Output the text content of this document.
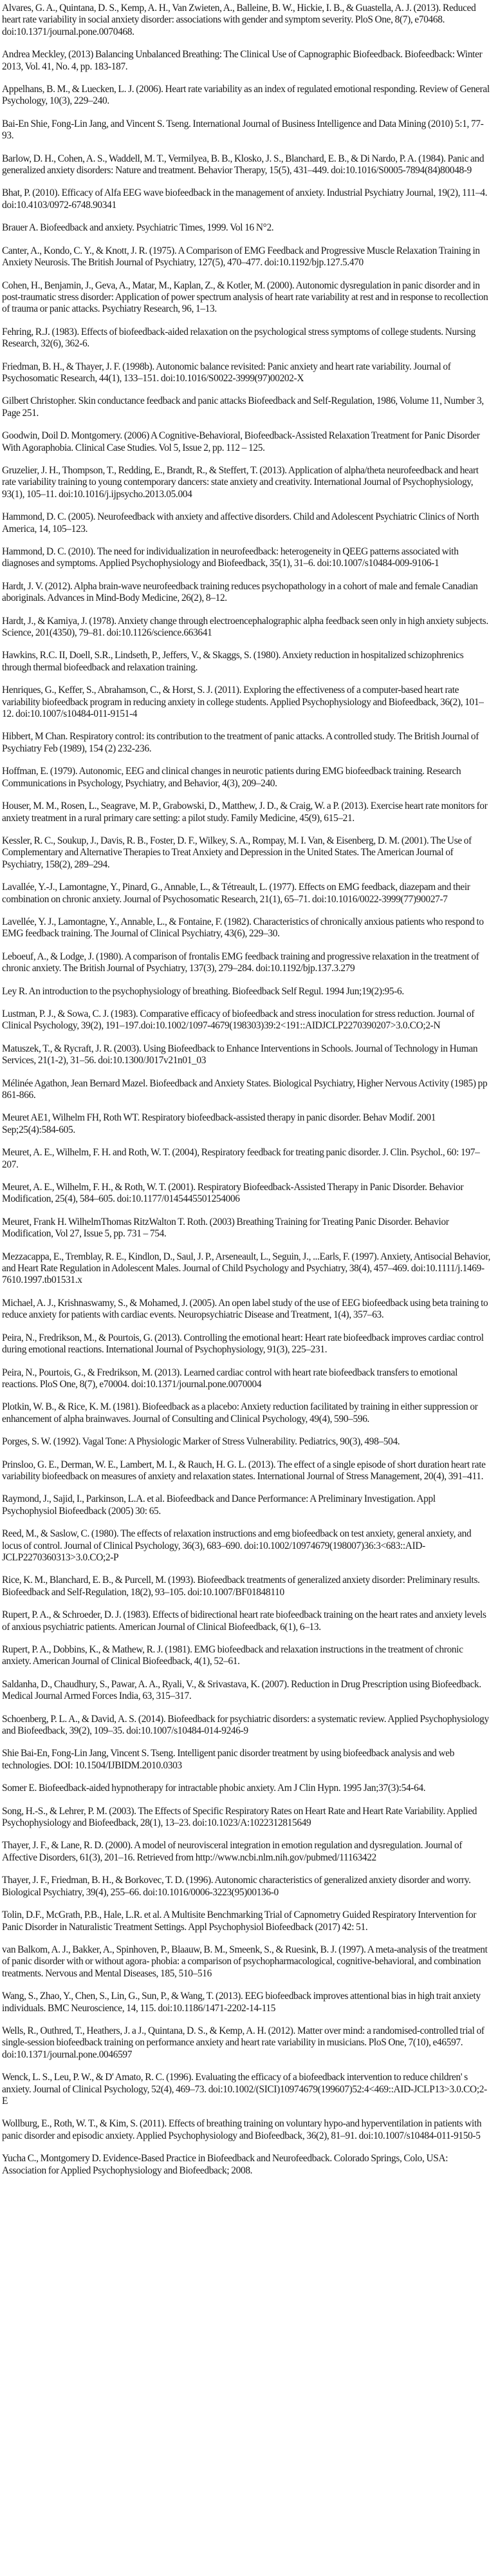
Alvares, G. A., Quintana, D. S., Kemp, A. H., Van Zwieten, A., Balleine, B. W., Hickie, I. B., & Guastella, A. J. (2013). Reduced heart rate variability in social anxiety disorder: associations with gender and symptom severity. PloS One, 8(7), e70468. doi:10.1371/journal.pone.0070468.
Andrea Meckley, (2013) Balancing Unbalanced Breathing: The Clinical Use of Capnographic Biofeedback. Biofeedback: Winter 2013, Vol. 41, No. 4, pp. 183-187.
Appelhans, B. M., & Luecken, L. J. (2006). Heart rate variability as an index of regulated emotional responding. Review of General Psychology, 10(3), 229–240.
Bai-En Shie, Fong-Lin Jang, and Vincent S. Tseng. International Journal of Business Intelligence and Data Mining (2010) 5:1, 77-93.
Barlow, D. H., Cohen, A. S., Waddell, M. T., Vermilyea, B. B., Klosko, J. S., Blanchard, E. B., & Di Nardo, P. A. (1984). Panic and generalized anxiety disorders: Nature and treatment. Behavior Therapy, 15(5), 431–449. doi:10.1016/S0005-7894(84)80048-9
Bhat, P. (2010). Efficacy of Alfa EEG wave biofeedback in the management of anxiety. Industrial Psychiatry Journal, 19(2), 111–4. doi:10.4103/0972-6748.90341
Brauer A. Biofeedback and anxiety. Psychiatric Times, 1999. Vol 16 N°2.
Canter, A., Kondo, C. Y., & Knott, J. R. (1975). A Comparison of EMG Feedback and Progressive Muscle Relaxation Training in Anxiety Neurosis. The British Journal of Psychiatry, 127(5), 470–477. doi:10.1192/bjp.127.5.470
Cohen, H., Benjamin, J., Geva, A., Matar, M., Kaplan, Z., & Kotler, M. (2000). Autonomic dysregulation in panic disorder and in post-traumatic stress disorder: Application of power spectrum analysis of heart rate variability at rest and in response to recollection of trauma or panic attacks. Psychiatry Research, 96, 1–13.
Fehring, R.J. (1983). Effects of biofeedback-aided relaxation on the psychological stress symptoms of college students. Nursing Research, 32(6), 362-6.
Friedman, B. H., & Thayer, J. F. (1998b). Autonomic balance revisited: Panic anxiety and heart rate variability. Journal of Psychosomatic Research, 44(1), 133–151. doi:10.1016/S0022-3999(97)00202-X
Gilbert Christopher. Skin conductance feedback and panic attacks Biofeedback and Self-Regulation, 1986, Volume 11, Number 3, Page 251.
Goodwin, Doil D. Montgomery. (2006) A Cognitive-Behavioral, Biofeedback-Assisted Relaxation Treatment for Panic Disorder With Agoraphobia. Clinical Case Studies. Vol 5, Issue 2, pp. 112 – 125.
Gruzelier, J. H., Thompson, T., Redding, E., Brandt, R., & Steffert, T. (2013). Application of alpha/theta neurofeedback and heart rate variability training to young contemporary dancers: state anxiety and creativity. International Journal of Psychophysiology, 93(1), 105–11. doi:10.1016/j.ijpsycho.2013.05.004
Hammond, D. C. (2005). Neurofeedback with anxiety and affective disorders. Child and Adolescent Psychiatric Clinics of North America, 14, 105–123.
Hammond, D. C. (2010). The need for individualization in neurofeedback: heterogeneity in QEEG patterns associated with diagnoses and symptoms. Applied Psychophysiology and Biofeedback, 35(1), 31–6. doi:10.1007/s10484-009-9106-1
Hardt, J. V. (2012). Alpha brain-wave neurofeedback training reduces psychopathology in a cohort of male and female Canadian aboriginals. Advances in Mind-Body Medicine, 26(2), 8–12.
Hardt, J., & Kamiya, J. (1978). Anxiety change through electroencephalographic alpha feedback seen only in high anxiety subjects. Science, 201(4350), 79–81. doi:10.1126/science.663641
Hawkins, R.C. II, Doell, S.R., Lindseth, P., Jeffers, V., & Skaggs, S. (1980). Anxiety reduction in hospitalized schizophrenics through thermal biofeedback and relaxation training.
Henriques, G., Keffer, S., Abrahamson, C., & Horst, S. J. (2011). Exploring the effectiveness of a computer-based heart rate variability biofeedback program in reducing anxiety in college students. Applied Psychophysiology and Biofeedback, 36(2), 101–12. doi:10.1007/s10484-011-9151-4
Hibbert, M Chan. Respiratory control: its contribution to the treatment of panic attacks. A controlled study. The British Journal of Psychiatry Feb (1989), 154 (2) 232-236.
Hoffman, E. (1979). Autonomic, EEG and clinical changes in neurotic patients during EMG biofeedback training. Research Communications in Psychology, Psychiatry, and Behavior, 4(3), 209–240.
Houser, M. M., Rosen, L., Seagrave, M. P., Grabowski, D., Matthew, J. D., & Craig, W. a P. (2013). Exercise heart rate monitors for anxiety treatment in a rural primary care setting: a pilot study. Family Medicine, 45(9), 615–21.
Kessler, R. C., Soukup, J., Davis, R. B., Foster, D. F., Wilkey, S. A., Rompay, M. I. Van, & Eisenberg, D. M. (2001). The Use of Complementary and Alternative Therapies to Treat Anxiety and Depression in the United States. The American Journal of Psychiatry, 158(2), 289–294.
Lavallée, Y.-J., Lamontagne, Y., Pinard, G., Annable, L., & Tétreault, L. (1977). Effects on EMG feedback, diazepam and their combination on chronic anxiety. Journal of Psychosomatic Research, 21(1), 65–71. doi:10.1016/0022-3999(77)90027-7
Lavellée, Y. J., Lamontagne, Y., Annable, L., & Fontaine, F. (1982). Characteristics of chronically anxious patients who respond to EMG feedback training. The Journal of Clinical Psychiatry, 43(6), 229–30.
Leboeuf, A., & Lodge, J. (1980). A comparison of frontalis EMG feedback training and progressive relaxation in the treatment of chronic anxiety. The British Journal of Psychiatry, 137(3), 279–284. doi:10.1192/bjp.137.3.279
Ley R. An introduction to the psychophysiology of breathing. Biofeedback Self Regul. 1994 Jun;19(2):95-6.
Lustman, P. J., & Sowa, C. J. (1983). Comparative efficacy of biofeedback and stress inoculation for stress reduction. Journal of Clinical Psychology, 39(2), 191–197.doi:10.1002/1097-4679(198303)39:2<191::AIDJCLP2270390207>3.0.CO;2-N
Matuszek, T., & Rycraft, J. R. (2003). Using Biofeedback to Enhance Interventions in Schools. Journal of Technology in Human Services, 21(1-2), 31–56. doi:10.1300/J017v21n01_03
Mélinée Agathon, Jean Bernard Mazel. Biofeedback and Anxiety States. Biological Psychiatry, Higher Nervous Activity (1985) pp 861-866.
Meuret AE1, Wilhelm FH, Roth WT. Respiratory biofeedback-assisted therapy in panic disorder. Behav Modif. 2001 Sep;25(4):584-605.
Meuret, A. E., Wilhelm, F. H. and Roth, W. T. (2004), Respiratory feedback for treating panic disorder. J. Clin. Psychol., 60: 197–207.
Meuret, A. E., Wilhelm, F. H., & Roth, W. T. (2001). Respiratory Biofeedback-Assisted Therapy in Panic Disorder. Behavior Modification, 25(4), 584–605. doi:10.1177/0145445501254006
Meuret, Frank H. WilhelmThomas RitzWalton T. Roth. (2003) Breathing Training for Treating Panic Disorder. Behavior Modification, Vol 27, Issue 5, pp. 731 – 754.
Mezzacappa, E., Tremblay, R. E., Kindlon, D., Saul, J. P., Arseneault, L., Seguin, J., ...Earls, F. (1997). Anxiety, Antisocial Behavior, and Heart Rate Regulation in Adolescent Males. Journal of Child Psychology and Psychiatry, 38(4), 457–469. doi:10.1111/j.1469-7610.1997.tb01531.x
Michael, A. J., Krishnaswamy, S., & Mohamed, J. (2005). An open label study of the use of EEG biofeedback using beta training to reduce anxiety for patients with cardiac events. Neuropsychiatric Disease and Treatment, 1(4), 357–63.
Peira, N., Fredrikson, M., & Pourtois, G. (2013). Controlling the emotional heart: Heart rate biofeedback improves cardiac control during emotional reactions. International Journal of Psychophysiology, 91(3), 225–231.
Peira, N., Pourtois, G., & Fredrikson, M. (2013). Learned cardiac control with heart rate biofeedback transfers to emotional reactions. PloS One, 8(7), e70004. doi:10.1371/journal.pone.0070004
Plotkin, W. B., & Rice, K. M. (1981). Biofeedback as a placebo: Anxiety reduction facilitated by training in either suppression or enhancement of alpha brainwaves. Journal of Consulting and Clinical Psychology, 49(4), 590–596.
Porges, S. W. (1992). Vagal Tone: A Physiologic Marker of Stress Vulnerability. Pediatrics, 90(3), 498–504.
Prinsloo, G. E., Derman, W. E., Lambert, M. I., & Rauch, H. G. L. (2013). The effect of a single episode of short duration heart rate variability biofeedback on measures of anxiety and relaxation states. International Journal of Stress Management, 20(4), 391–411.
Raymond, J., Sajid, I., Parkinson, L.A. et al. Biofeedback and Dance Performance: A Preliminary Investigation. Appl Psychophysiol Biofeedback (2005) 30: 65.
Reed, M., & Saslow, C. (1980). The effects of relaxation instructions and emg biofeedback on test anxiety, general anxiety, and locus of control. Journal of Clinical Psychology, 36(3), 683–690. doi:10.1002/10974679(198007)36:3<683::AID-JCLP2270360313>3.0.CO;2-P
Rice, K. M., Blanchard, E. B., & Purcell, M. (1993). Biofeedback treatments of generalized anxiety disorder: Preliminary results. Biofeedback and Self-Regulation, 18(2), 93–105. doi:10.1007/BF01848110
Rupert, P. A., & Schroeder, D. J. (1983). Effects of bidirectional heart rate biofeedback training on the heart rates and anxiety levels of anxious psychiatric patients. American Journal of Clinical Biofeedback, 6(1), 6–13.
Rupert, P. A., Dobbins, K., & Mathew, R. J. (1981). EMG biofeedback and relaxation instructions in the treatment of chronic anxiety. American Journal of Clinical Biofeedback, 4(1), 52–61.
Saldanha, D., Chaudhury, S., Pawar, A. A., Ryali, V., & Srivastava, K. (2007). Reduction in Drug Prescription using Biofeedback. Medical Journal Armed Forces India, 63, 315–317.
Schoenberg, P. L. A., & David, A. S. (2014). Biofeedback for psychiatric disorders: a systematic review. Applied Psychophysiology and Biofeedback, 39(2), 109–35. doi:10.1007/s10484-014-9246-9
Shie Bai-En, Fong-Lin Jang, Vincent S. Tseng. Intelligent panic disorder treatment by using biofeedback analysis and web technologies. DOI: 10.1504/IJBIDM.2010.0303
Somer E. Biofeedback-aided hypnotherapy for intractable phobic anxiety. Am J Clin Hypn. 1995 Jan;37(3):54-64.
Song, H.-S., & Lehrer, P. M. (2003). The Effects of Specific Respiratory Rates on Heart Rate and Heart Rate Variability. Applied Psychophysiology and Biofeedback, 28(1), 13–23. doi:10.1023/A:1022312815649
Thayer, J. F., & Lane, R. D. (2000). A model of neurovisceral integration in emotion regulation and dysregulation. Journal of Affective Disorders, 61(3), 201–16. Retrieved from http://www.ncbi.nlm.nih.gov/pubmed/11163422
Thayer, J. F., Friedman, B. H., & Borkovec, T. D. (1996). Autonomic characteristics of generalized anxiety disorder and worry. Biological Psychiatry, 39(4), 255–66. doi:10.1016/0006-3223(95)00136-0
Tolin, D.F., McGrath, P.B., Hale, L.R. et al. A Multisite Benchmarking Trial of Capnometry Guided Respiratory Intervention for Panic Disorder in Naturalistic Treatment Settings. Appl Psychophysiol Biofeedback (2017) 42: 51.
van Balkom, A. J., Bakker, A., Spinhoven, P., Blaauw, B. M., Smeenk, S., & Ruesink, B. J. (1997). A meta-analysis of the treatment of panic disorder with or without agora- phobia: a comparison of psychopharmacological, cognitive-behavioral, and combination treatments. Nervous and Mental Diseases, 185, 510–516
Wang, S., Zhao, Y., Chen, S., Lin, G., Sun, P., & Wang, T. (2013). EEG biofeedback improves attentional bias in high trait anxiety individuals. BMC Neuroscience, 14, 115. doi:10.1186/1471-2202-14-115
Wells, R., Outhred, T., Heathers, J. a J., Quintana, D. S., & Kemp, A. H. (2012). Matter over mind: a randomised-controlled trial of single-session biofeedback training on performance anxiety and heart rate variability in musicians. PloS One, 7(10), e46597. doi:10.1371/journal.pone.0046597
Wenck, L. S., Leu, P. W., & D' Amato, R. C. (1996). Evaluating the efficacy of a biofeedback intervention to reduce children' s anxiety. Journal of Clinical Psychology, 52(4), 469–73. doi:10.1002/(SICI)10974679(199607)52:4<469::AID-JCLP13>3.0.CO;2-E
Wollburg, E., Roth, W. T., & Kim, S. (2011). Effects of breathing training on voluntary hypo-and hyperventilation in patients with panic disorder and episodic anxiety. Applied Psychophysiology and Biofeedback, 36(2), 81–91. doi:10.1007/s10484-011-9150-5
Yucha C., Montgomery D. Evidence-Based Practice in Biofeedback and Neurofeedback. Colorado Springs, Colo, USA: Association for Applied Psychophysiology and Biofeedback; 2008.
